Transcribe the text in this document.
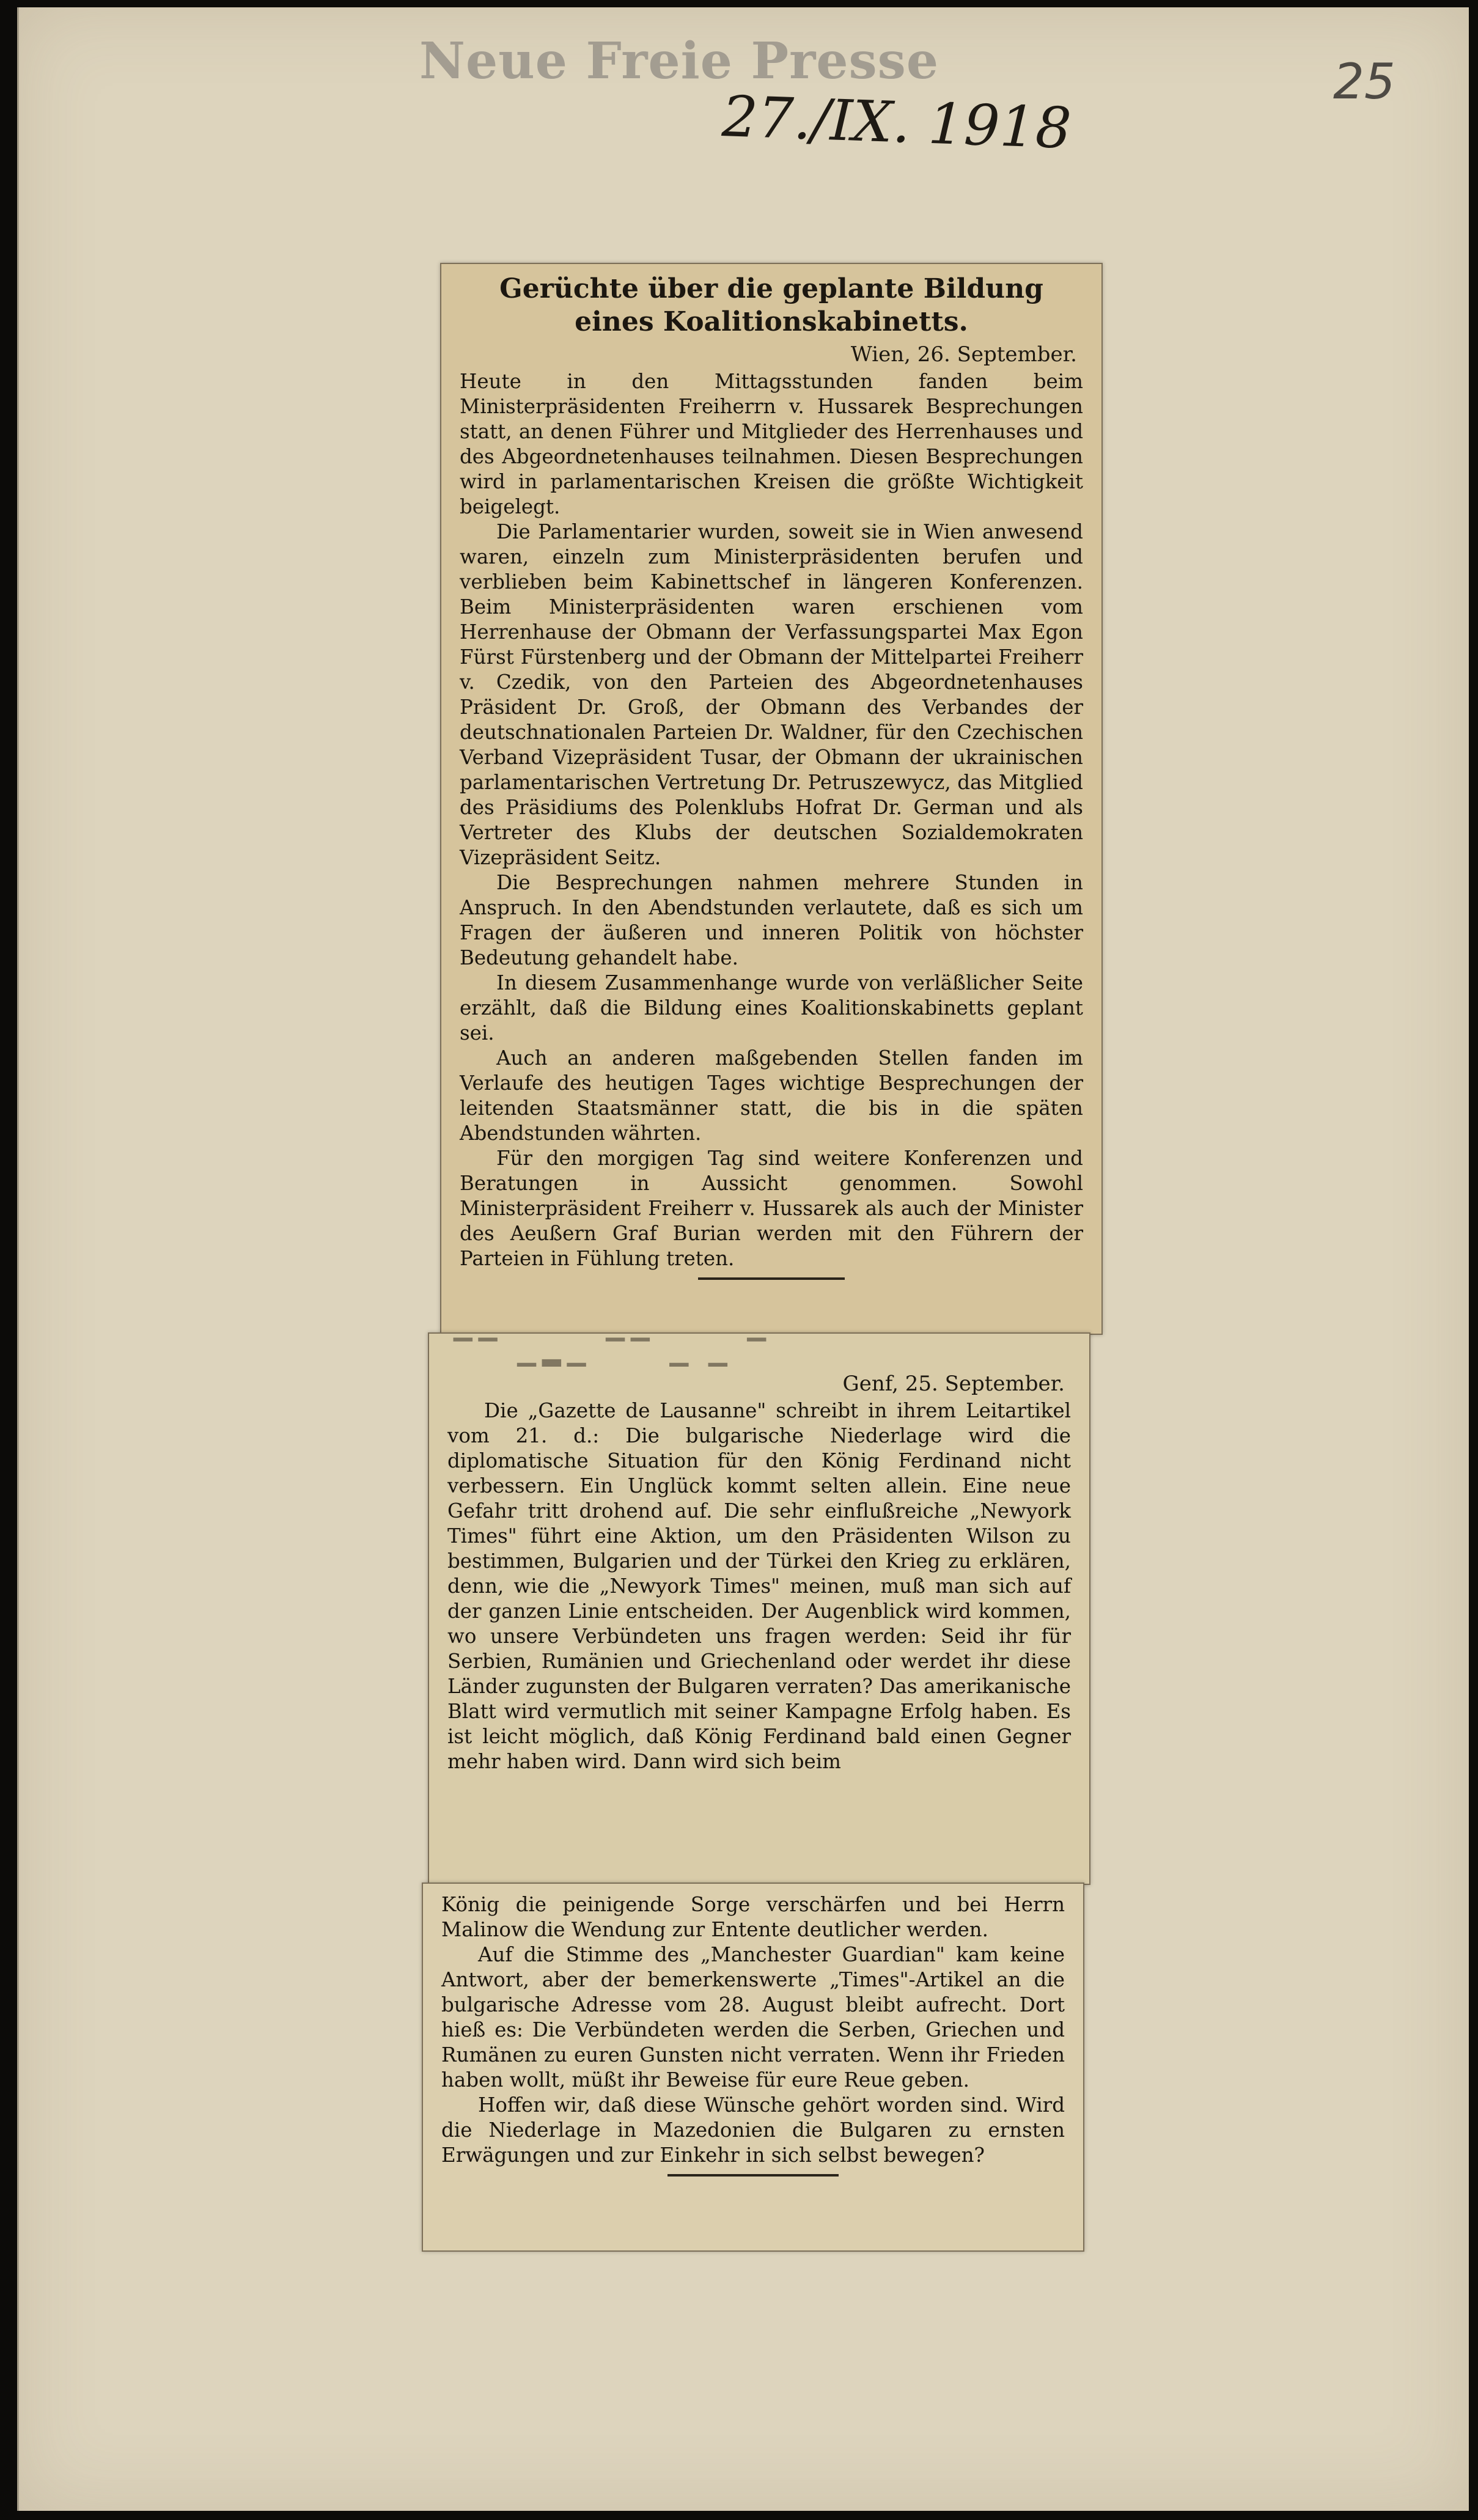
Neue Freie Presse
27./IX. 1918
25
Gerüchte über die geplante Bildung eines Koalitionskabinetts.
Wien, 26. September.

Heute in den Mittagsstunden fanden beim Ministerpräsidenten Freiherrn v. Hussarek Besprechungen statt, an denen Führer und Mitglieder des Herrenhauses und des Abgeordnetenhauses teilnahmen. Diesen Besprechungen wird in parlamentarischen Kreisen die größte Wichtigkeit beigelegt.

Die Parlamentarier wurden, soweit sie in Wien anwesend waren, einzeln zum Ministerpräsidenten berufen und verblieben beim Kabinettschef in längeren Konferenzen. Beim Ministerpräsidenten waren erschienen vom Herrenhause der Obmann der Verfassungspartei Max Egon Fürst Fürstenberg und der Obmann der Mittelpartei Freiherr v. Czedik, von den Parteien des Abgeordnetenhauses Präsident Dr. Groß, der Obmann des Verbandes der deutschnationalen Parteien Dr. Waldner, für den Czechischen Verband Vizepräsident Tusar, der Obmann der ukrainischen parlamentarischen Vertretung Dr. Petruszewycz, das Mitglied des Präsidiums des Polenklubs Hofrat Dr. German und als Vertreter des Klubs der deutschen Sozialdemokraten Vizepräsident Seitz.

Die Besprechungen nahmen mehrere Stunden in Anspruch. In den Abendstunden verlautete, daß es sich um Fragen der äußeren und inneren Politik von höchster Bedeutung gehandelt habe.

In diesem Zusammenhange wurde von verläßlicher Seite erzählt, daß die Bildung eines Koalitionskabinetts geplant sei.

Auch an anderen maßgebenden Stellen fanden im Verlaufe des heutigen Tages wichtige Besprechungen der leitenden Staatsmänner statt, die bis in die späten Abendstunden währten.

Für den morgigen Tag sind weitere Konferenzen und Beratungen in Aussicht genommen. Sowohl Ministerpräsident Freiherr v. Hussarek als auch der Minister des Aeußern Graf Burian werden mit den Führern der Parteien in Fühlung treten.

▔▔ ▁▂▁ ▔▔ ▁ ▁ ▔
Genf, 25. September.

Die „Gazette de Lausanne" schreibt in ihrem Leitartikel vom 21. d.: Die bulgarische Niederlage wird die diplomatische Situation für den König Ferdinand nicht verbessern. Ein Unglück kommt selten allein. Eine neue Gefahr tritt drohend auf. Die sehr einflußreiche „Newyork Times" führt eine Aktion, um den Präsidenten Wilson zu bestimmen, Bulgarien und der Türkei den Krieg zu erklären, denn, wie die „Newyork Times" meinen, muß man sich auf der ganzen Linie entscheiden. Der Augenblick wird kommen, wo unsere Verbündeten uns fragen werden: Seid ihr für Serbien, Rumänien und Griechenland oder werdet ihr diese Länder zugunsten der Bulgaren verraten? Das amerikanische Blatt wird vermutlich mit seiner Kampagne Erfolg haben. Es ist leicht möglich, daß König Ferdinand bald einen Gegner mehr haben wird. Dann wird sich beim

König die peinigende Sorge verschärfen und bei Herrn Malinow die Wendung zur Entente deutlicher werden.

Auf die Stimme des „Manchester Guardian" kam keine Antwort, aber der bemerkenswerte „Times"-Artikel an die bulgarische Adresse vom 28. August bleibt aufrecht. Dort hieß es: Die Verbündeten werden die Serben, Griechen und Rumänen zu euren Gunsten nicht verraten. Wenn ihr Frieden haben wollt, müßt ihr Beweise für eure Reue geben.

Hoffen wir, daß diese Wünsche gehört worden sind. Wird die Niederlage in Mazedonien die Bulgaren zu ernsten Erwägungen und zur Einkehr in sich selbst bewegen?
